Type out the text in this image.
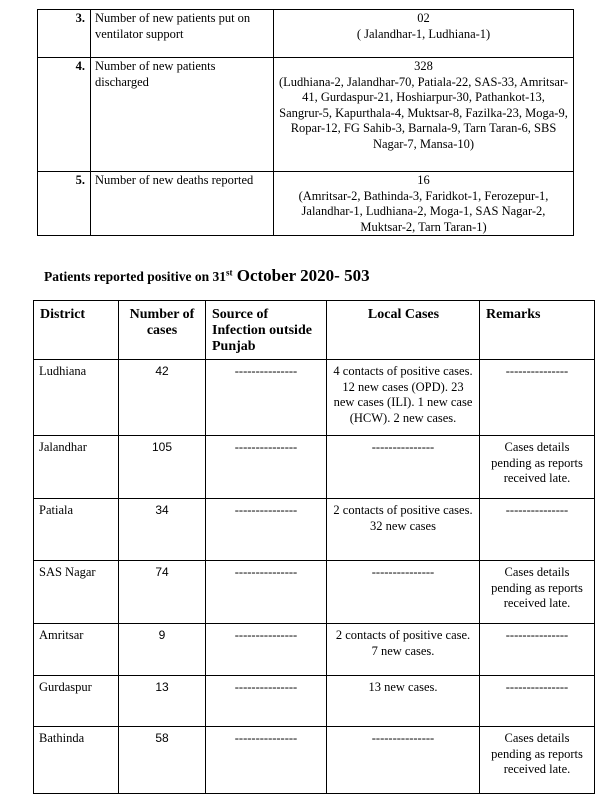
3.	Number of new patients put on ventilator support	02
( Jalandhar-1, Ludhiana-1)

4.	Number of new patients discharged	328
(Ludhiana-2, Jalandhar-70, Patiala-22, SAS-33, Amritsar-41, Gurdaspur-21, Hoshiarpur-30, Pathankot-13, Sangrur-5, Kapurthala-4, Muktsar-8, Fazilka-23, Moga-9, Ropar-12, FG Sahib-3, Barnala-9, Tarn Taran-6, SBS Nagar-7, Mansa-10)

5.	Number of new deaths reported	16
(Amritsar-2, Bathinda-3, Faridkot-1, Ferozepur-1, Jalandhar-1, Ludhiana-2, Moga-1, SAS Nagar-2, Muktsar-2, Tarn Taran-1)
Patients reported positive on 31st October 2020- 503
District	Number of cases	Source of Infection outside Punjab	Local Cases	Remarks
Ludhiana	42	---------------	4 contacts of positive cases. 12 new cases (OPD). 23 new cases (ILI). 1 new case (HCW). 2 new cases.	---------------
Jalandhar	105	---------------	---------------	Cases details pending as reports received late.
Patiala	34	---------------	2 contacts of positive cases. 32 new cases	---------------
SAS Nagar	74	---------------	---------------	Cases details pending as reports received late.
Amritsar	9	---------------	2 contacts of positive case. 7 new cases.	---------------
Gurdaspur	13	---------------	13 new cases.	---------------
Bathinda	58	---------------	---------------	Cases details pending as reports received late.
